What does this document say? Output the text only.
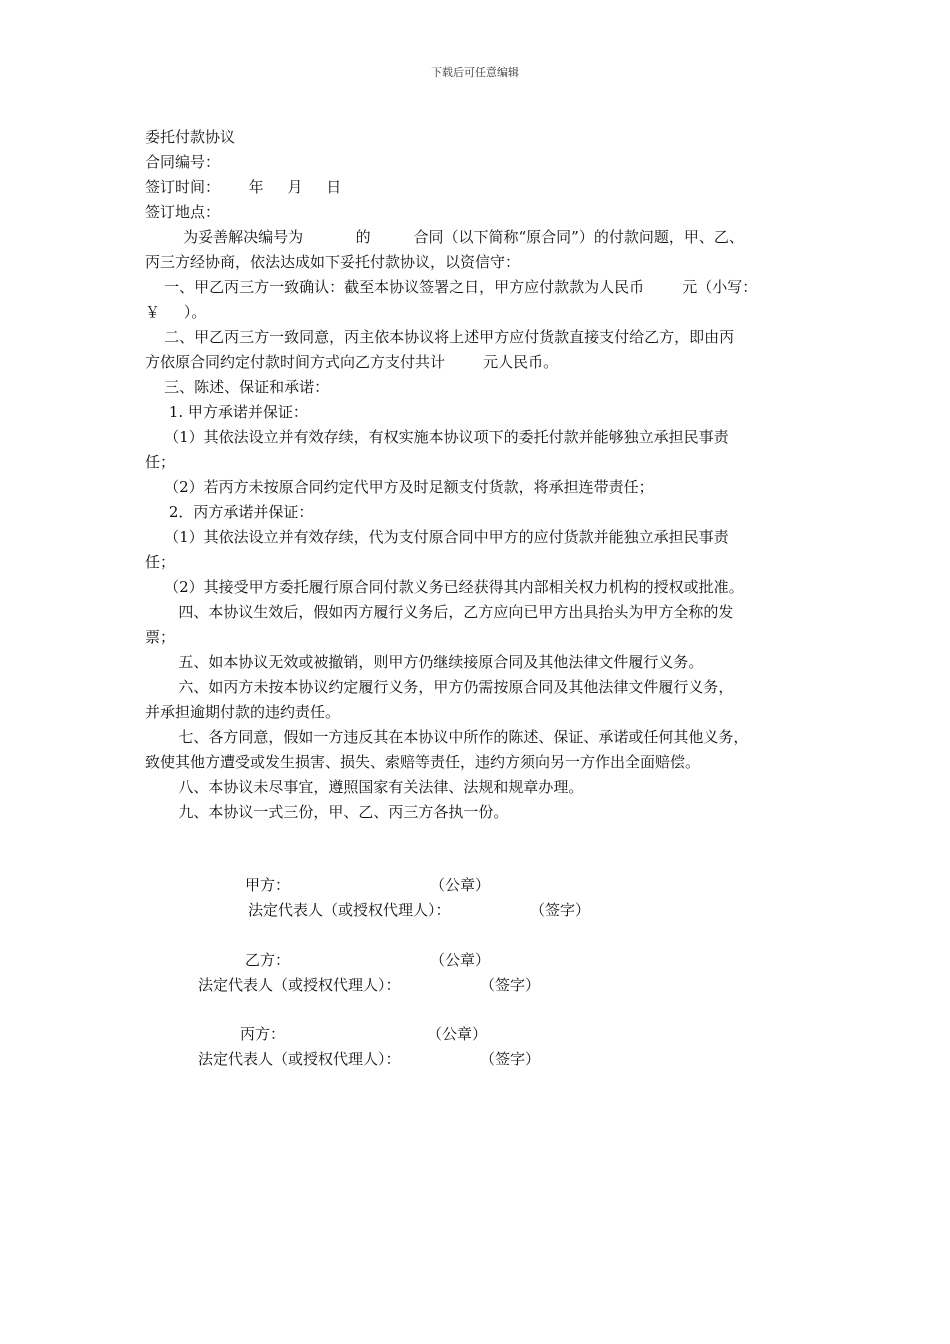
下载后可任意编辑

委托付款协议

合同编号：

签订时间：      年     月     日

签订地点：

为妥善解决编号为           的         合同（以下简称“原合同”）的付款问题，甲、乙、

丙三方经协商，依法达成如下妥托付款协议，以资信守：

一、甲乙丙三方一致确认：截至本协议签署之日，甲方应付款款为人民币        元（小写：

￥     ）。

二、甲乙丙三方一致同意，丙主依本协议将上述甲方应付货款直接支付给乙方，即由丙

方依原合同约定付款时间方式向乙方支付共计        元人民币。

三、陈述、保证和承诺：

1. 甲方承诺并保证：

（1）其依法设立并有效存续，有权实施本协议项下的委托付款并能够独立承担民事责

任；

（2）若丙方未按原合同约定代甲方及时足额支付货款，将承担连带责任；

2．丙方承诺并保证：

（1）其依法设立并有效存续，代为支付原合同中甲方的应付货款并能独立承担民事责

任；

（2）其接受甲方委托履行原合同付款义务已经获得其内部相关权力机构的授权或批准。

四、本协议生效后，假如丙方履行义务后，乙方应向已甲方出具抬头为甲方全称的发

票；

五、如本协议无效或被撤销，则甲方仍继续接原合同及其他法律文件履行义务。

六、如丙方未按本协议约定履行义务，甲方仍需按原合同及其他法律文件履行义务，

并承担逾期付款的违约责任。

七、各方同意，假如一方违反其在本协议中所作的陈述、保证、承诺或任何其他义务，

致使其他方遭受或发生损害、损失、索赔等责任，违约方须向另一方作出全面赔偿。

八、本协议未尽事宜，遵照国家有关法律、法规和规章办理。

九、本协议一式三份，甲、乙、丙三方各执一份。

甲方：	（公章）

法定代表人（或授权代理人）：	（签字）

乙方：	（公章）

法定代表人（或授权代理人）：	（签字）

丙方：	（公章）

法定代表人（或授权代理人）：	（签字）
